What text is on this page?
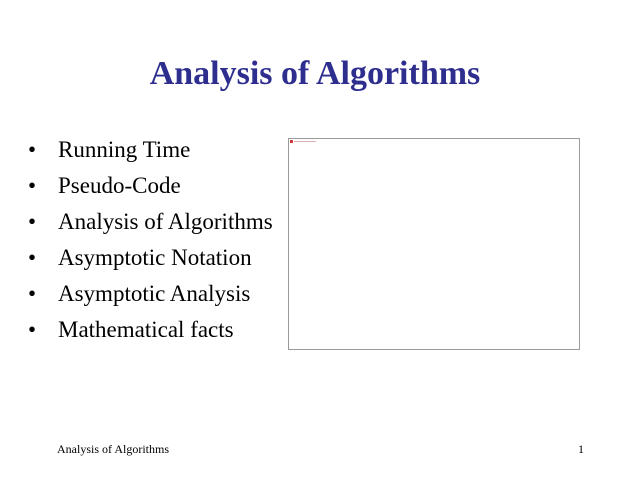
Analysis of Algorithms
• Running Time
• Pseudo-Code
• Analysis of Algorithms
• Asymptotic Notation
• Asymptotic Analysis
• Mathematical facts
Analysis of Algorithms	1
